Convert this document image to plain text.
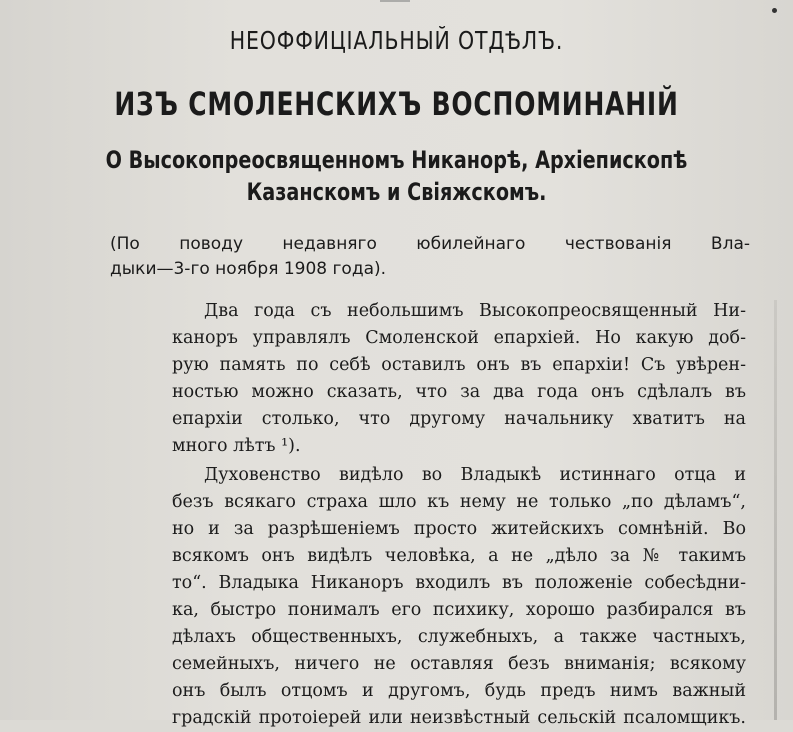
НЕОФФИЦІАЛЬНЫЙ ОТДѢЛЪ.
ИЗЪ СМОЛЕНСКИХЪ ВОСПОМИНАНІЙ
О Высокопреосвященномъ Никанорѣ, Архіепископѣ
Казанскомъ и Свіяжскомъ.
(По поводу недавняго юбилейнаго чествованія Вла-
дыки—3-го ноября 1908 года).
Два года съ небольшимъ Высокопреосвященный Ни-
каноръ управлялъ Смоленской епархіей. Но какую доб-
рую память по себѣ оставилъ онъ въ епархіи! Съ увѣрен-
ностью можно сказать, что за два года онъ сдѣлалъ въ
епархіи столько, что другому начальнику хватитъ на
много лѣтъ ¹).
Духовенство видѣло во Владыкѣ истиннаго отца и
безъ всякаго страха шло къ нему не только „по дѣламъ“,
но и за разрѣшеніемъ просто житейскихъ сомнѣній. Во
всякомъ онъ видѣлъ человѣка, а не „дѣло за № такимъ
то“. Владыка Никаноръ входилъ въ положеніе собесѣдни-
ка, быстро понималъ его психику, хорошо разбирался въ
дѣлахъ общественныхъ, служебныхъ, а также частныхъ,
семейныхъ, ничего не оставляя безъ вниманія; всякому
онъ былъ отцомъ и другомъ, будь предъ нимъ важный
градскій протоіерей или неизвѣстный сельскій псаломщикъ.
